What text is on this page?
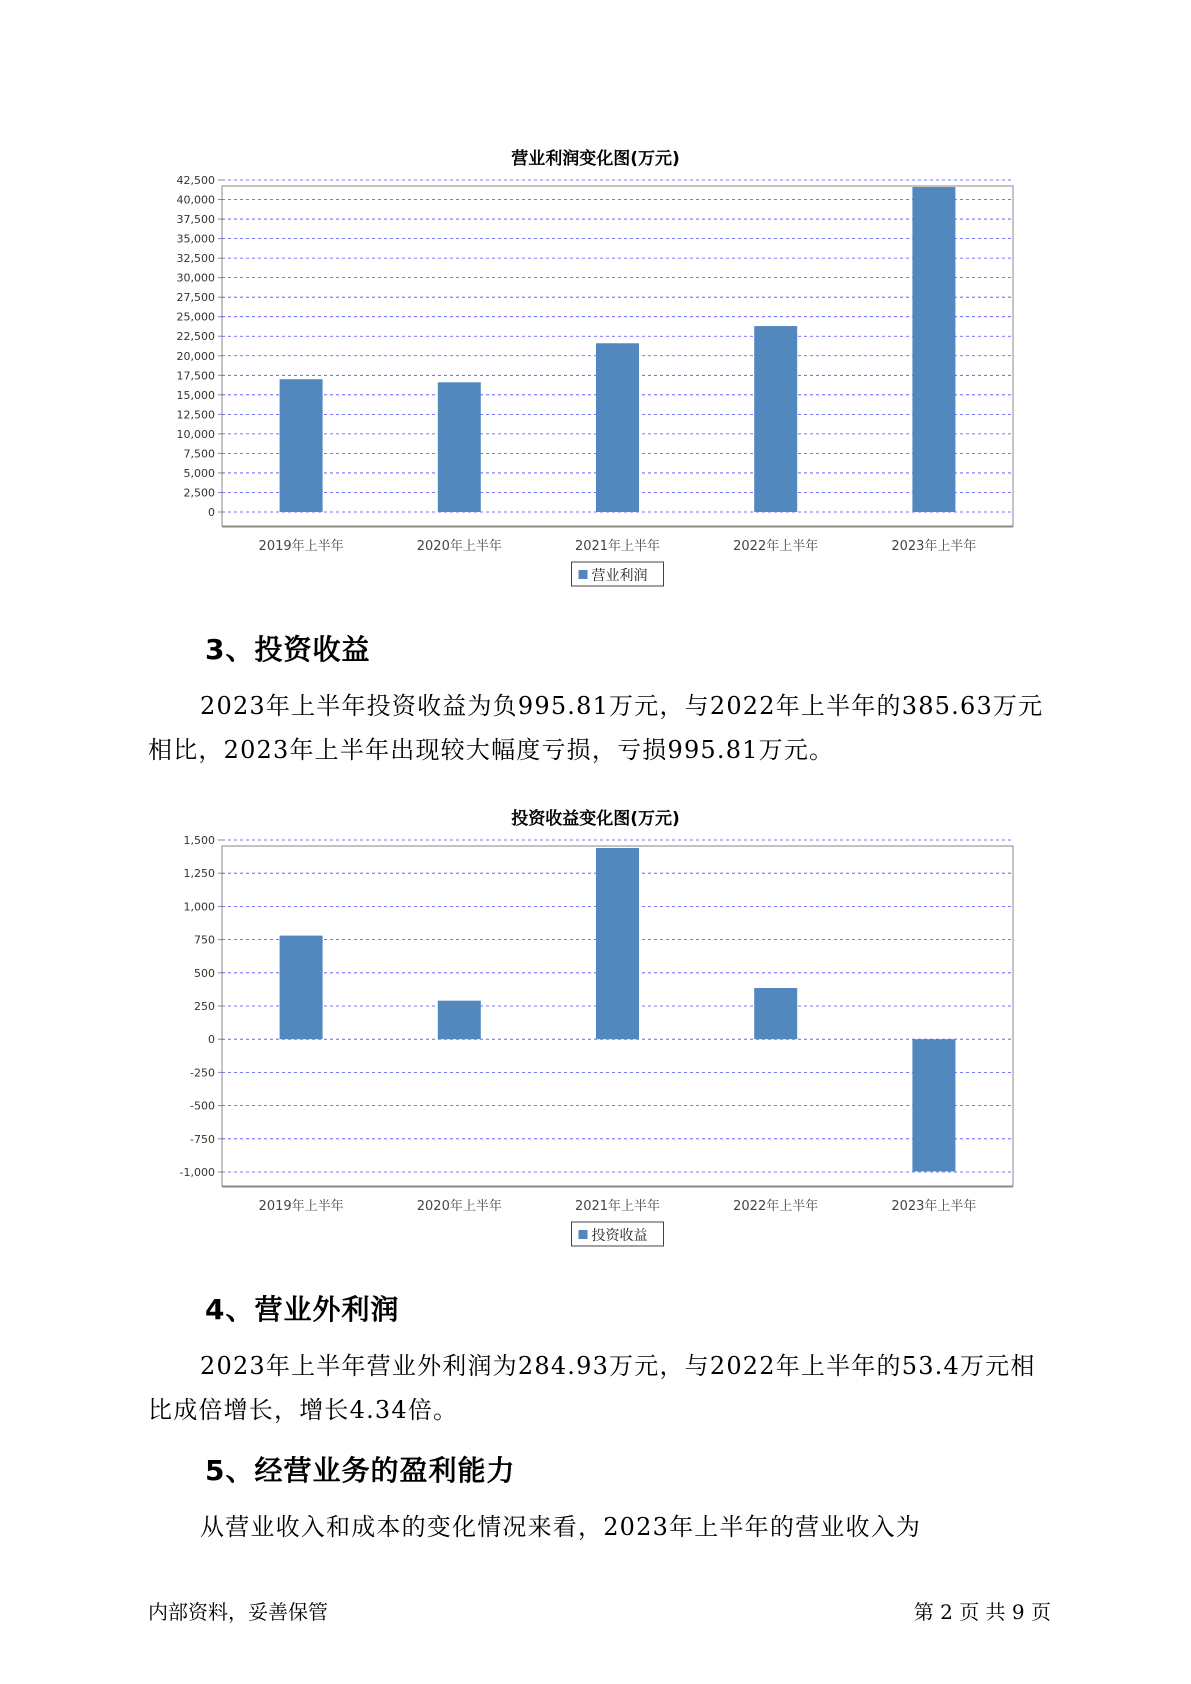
营业利润变化图(万元)
0
2,500
5,000
7,500
10,000
12,500
15,000
17,500
20,000
22,500
25,000
27,500
30,000
32,500
35,000
37,500
40,000
42,500
2019年上半年	2020年上半年	2021年上半年	2022年上半年	2023年上半年
营业利润
3、投资收益
2023年上半年投资收益为负995.81万元，与2022年上半年的385.63万元相比，2023年上半年出现较大幅度亏损，亏损995.81万元。
投资收益变化图(万元)
-1,000
-750
-500
-250
0
250
500
750
1,000
1,250
1,500
2019年上半年	2020年上半年	2021年上半年	2022年上半年	2023年上半年
投资收益
4、营业外利润
2023年上半年营业外利润为284.93万元，与2022年上半年的53.4万元相比成倍增长，增长4.34倍。
5、经营业务的盈利能力
从营业收入和成本的变化情况来看，2023年上半年的营业收入为
内部资料，妥善保管	第 2 页 共 9 页
